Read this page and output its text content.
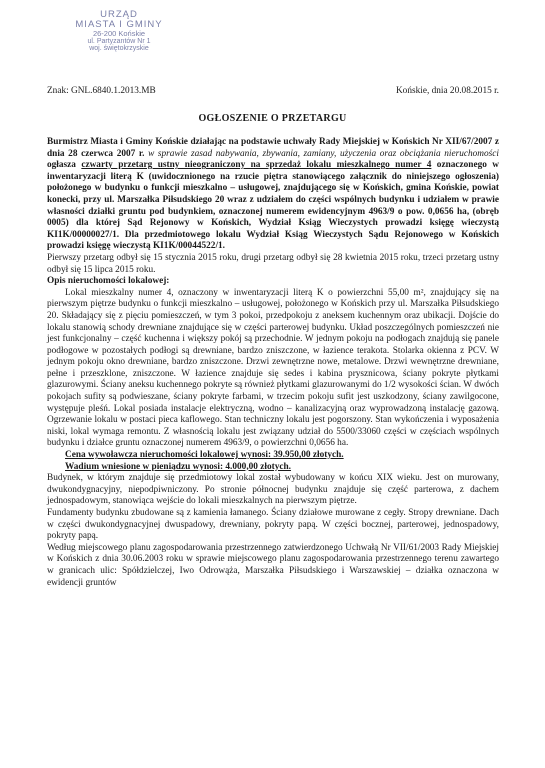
URZĄD
MIASTA I GMINY
26-200 Końskie
ul. Partyzantów Nr 1
woj. świętokrzyskie
Znak: GNL.6840.1.2013.MB	Końskie, dnia 20.08.2015 r.
OGŁOSZENIE O PRZETARGU

Burmistrz Miasta i Gminy Końskie działając na podstawie uchwały Rady Miejskiej w Końskich Nr XII/67/2007 z dnia 28 czerwca 2007 r. w sprawie zasad nabywania, zbywania, zamiany, użyczenia oraz obciążania nieruchomości ogłasza czwarty przetarg ustny nieograniczony na sprzedaż lokalu mieszkalnego numer 4 oznaczonego w inwentaryzacji literą K (uwidocznionego na rzucie piętra stanowiącego załącznik do niniejszego ogłoszenia) położonego w budynku o funkcji mieszkalno – usługowej, znajdującego się w Końskich, gmina Końskie, powiat konecki, przy ul. Marszałka Piłsudskiego 20 wraz z udziałem do części wspólnych budynku i udziałem w prawie własności działki gruntu pod budynkiem, oznaczonej numerem ewidencyjnym 4963/9 o pow. 0,0656 ha, (obręb 0005) dla której Sąd Rejonowy w Końskich, Wydział Ksiąg Wieczystych prowadzi księgę wieczystą KI1K/00000027/1. Dla przedmiotowego lokalu Wydział Ksiąg Wieczystych Sądu Rejonowego w Końskich prowadzi księgę wieczystą KI1K/00044522/1.

Pierwszy przetarg odbył się 15 stycznia 2015 roku, drugi przetarg odbył się 28 kwietnia 2015 roku, trzeci przetarg ustny odbył się 15 lipca 2015 roku.

Opis nieruchomości lokalowej:

Lokal mieszkalny numer 4, oznaczony w inwentaryzacji literą K o powierzchni 55,00 m², znajdujący się na pierwszym piętrze budynku o funkcji mieszkalno – usługowej, położonego w Końskich przy ul. Marszałka Piłsudskiego 20. Składający się z pięciu pomieszczeń, w tym 3 pokoi, przedpokoju z aneksem kuchennym oraz ubikacji. Dojście do lokalu stanowią schody drewniane znajdujące się w części parterowej budynku. Układ poszczególnych pomieszczeń nie jest funkcjonalny – część kuchenna i większy pokój są przechodnie. W jednym pokoju na podłogach znajdują się panele podłogowe w pozostałych podłogi są drewniane, bardzo zniszczone, w łazience terakota. Stolarka okienna z PCV. W jednym pokoju okno drewniane, bardzo zniszczone. Drzwi zewnętrzne nowe, metalowe. Drzwi wewnętrzne drewniane, pełne i przeszklone, zniszczone. W łazience znajduje się sedes i kabina prysznicowa, ściany pokryte płytkami glazurowymi. Ściany aneksu kuchennego pokryte są również płytkami glazurowanymi do 1/2 wysokości ścian. W dwóch pokojach sufity są podwieszane, ściany pokryte farbami, w trzecim pokoju sufit jest uszkodzony, ściany zawilgocone, występuje pleśń. Lokal posiada instalacje elektryczną, wodno – kanalizacyjną oraz wyprowadzoną instalację gazową. Ogrzewanie lokalu w postaci pieca kaflowego. Stan techniczny lokalu jest pogorszony. Stan wykończenia i wyposażenia niski, lokal wymaga remontu. Z własnością lokalu jest związany udział do 5500/33060 części w częściach wspólnych budynku i działce gruntu oznaczonej numerem 4963/9, o powierzchni 0,0656 ha.

Cena wywoławcza nieruchomości lokalowej wynosi: 39.950,00 złotych.

Wadium wniesione w pieniądzu wynosi: 4.000,00 złotych.

Budynek, w którym znajduje się przedmiotowy lokal został wybudowany w końcu XIX wieku. Jest on murowany, dwukondygnacyjny, niepodpiwniczony. Po stronie północnej budynku znajduje się część parterowa, z dachem jednospadowym, stanowiąca wejście do lokali mieszkalnych na pierwszym piętrze.

Fundamenty budynku zbudowane są z kamienia łamanego. Ściany działowe murowane z cegły. Stropy drewniane. Dach w części dwukondygnacyjnej dwuspadowy, drewniany, pokryty papą. W części bocznej, parterowej, jednospadowy, pokryty papą.

Według miejscowego planu zagospodarowania przestrzennego zatwierdzonego Uchwałą Nr VII/61/2003 Rady Miejskiej w Końskich z dnia 30.06.2003 roku w sprawie miejscowego planu zagospodarowania przestrzennego terenu zawartego w granicach ulic: Spółdzielczej, Iwo Odrowąża, Marszałka Piłsudskiego i Warszawskiej – działka oznaczona w ewidencji gruntów
